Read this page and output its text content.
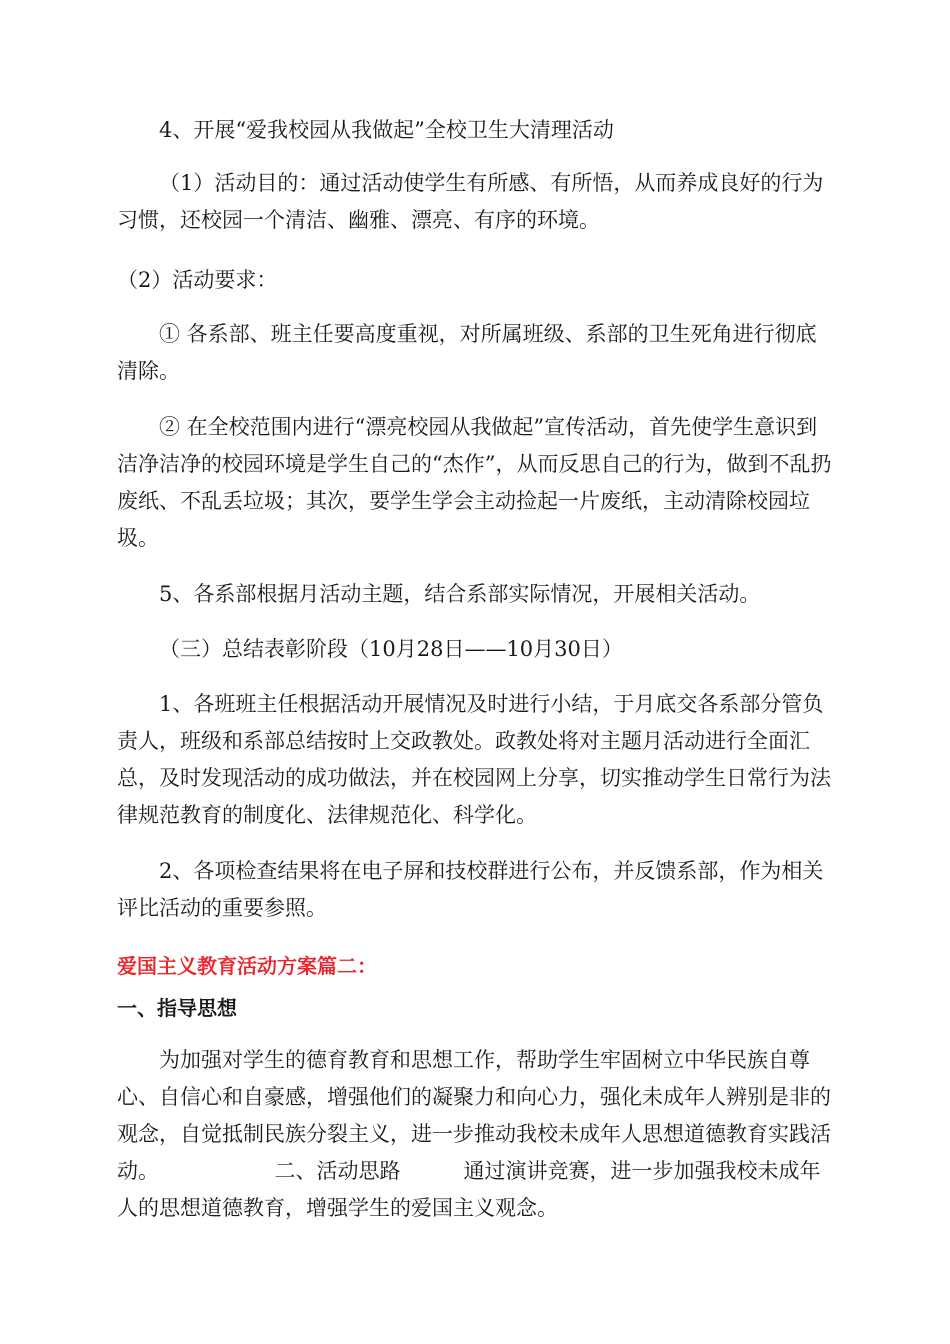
4、开展“爱我校园从我做起”全校卫生大清理活动

（1）活动目的：通过活动使学生有所感、有所悟，从而养成良好的行为习惯，还校园一个清洁、幽雅、漂亮、有序的环境。

（2）活动要求：

① 各系部、班主任要高度重视，对所属班级、系部的卫生死角进行彻底清除。

② 在全校范围内进行“漂亮校园从我做起”宣传活动，首先使学生意识到洁净洁净的校园环境是学生自己的“杰作”，从而反思自己的行为，做到不乱扔废纸、不乱丢垃圾；其次，要学生学会主动捡起一片废纸，主动清除校园垃圾。

5、各系部根据月活动主题，结合系部实际情况，开展相关活动。

（三）总结表彰阶段（10月28日——10月30日）

1、各班班主任根据活动开展情况及时进行小结，于月底交各系部分管负责人，班级和系部总结按时上交政教处。政教处将对主题月活动进行全面汇总，及时发现活动的成功做法，并在校园网上分享，切实推动学生日常行为法律规范教育的制度化、法律规范化、科学化。

2、各项检查结果将在电子屏和技校群进行公布，并反馈系部，作为相关评比活动的重要参照。

爱国主义教育活动方案篇二：
一、指导思想

为加强对学生的德育教育和思想工作，帮助学生牢固树立中华民族自尊心、自信心和自豪感，增强他们的凝聚力和向心力，强化未成年人辨别是非的观念，自觉抵制民族分裂主义，进一步推动我校未成年人思想道德教育实践活动。　　　　　　二、活动思路　　　通过演讲竞赛，进一步加强我校未成年人的思想道德教育，增强学生的爱国主义观念。
